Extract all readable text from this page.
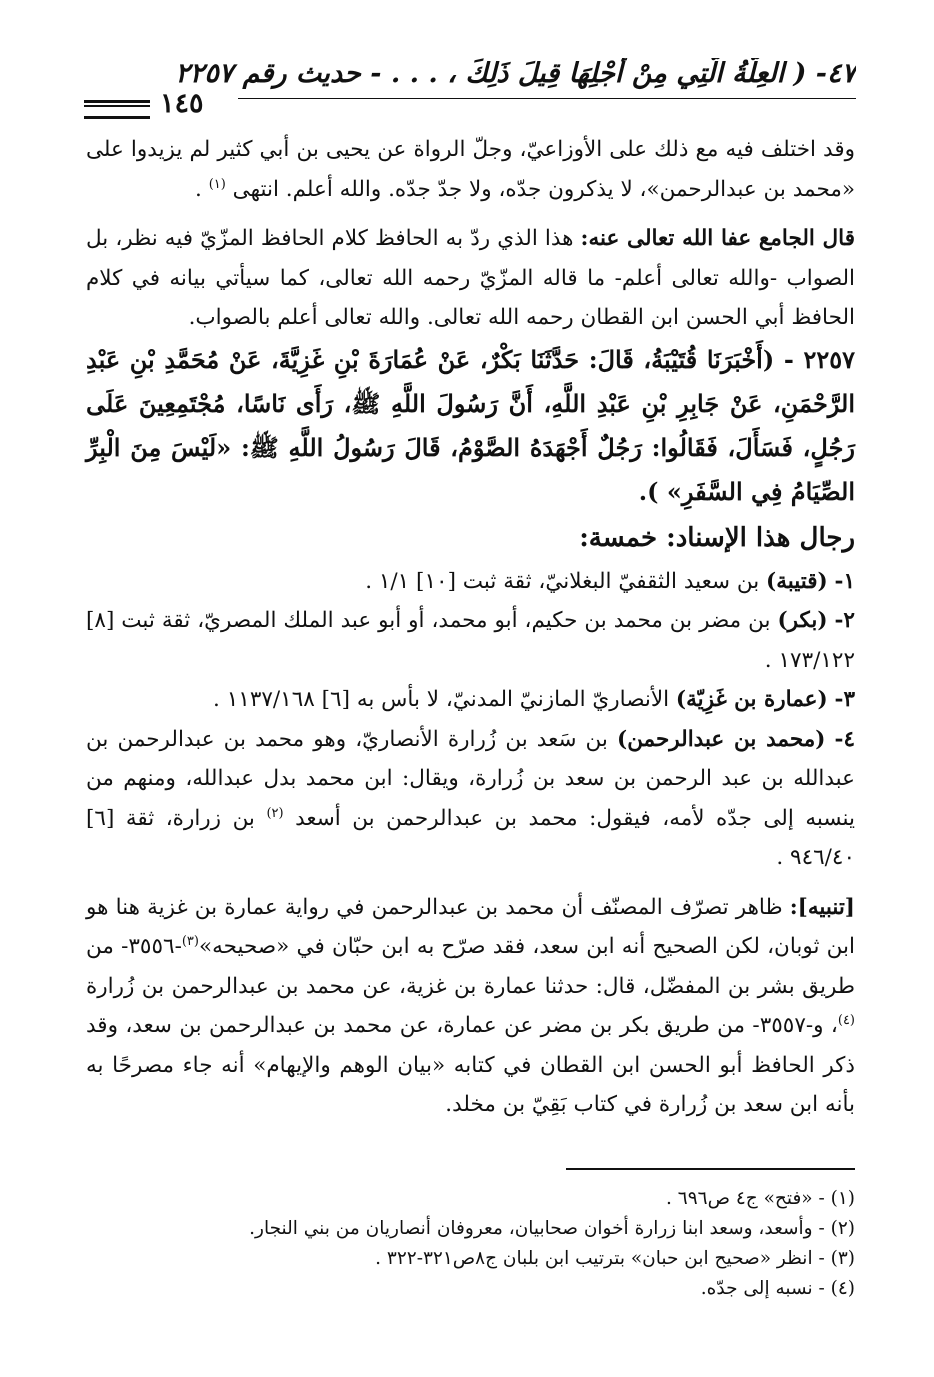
٤٧- ( العِلَّةُ الَّتِي مِنْ أَجْلِهَا قِيلَ ذَلِكَ ، . . . - حديث رقم ٢٢٥٧
١٤٥

وقد اختلف فيه مع ذلك على الأوزاعيّ، وجلّ الرواة عن يحيى بن أبي كثير لم يزيدوا على «محمد بن عبدالرحمن»، لا يذكرون جدّه، ولا جدّ جدّه. والله أعلم. انتهى $^{(١)}$ .

قال الجامع عفا الله تعالى عنه: هذا الذي ردّ به الحافظ كلام الحافظ المزّيّ فيه نظر، بل الصواب -والله تعالى أعلم- ما قاله المزّيّ رحمه الله تعالى، كما سيأتي بيانه في كلام الحافظ أبي الحسن ابن القطان رحمه الله تعالى. والله تعالى أعلم بالصواب.

٢٢٥٧ - (أَخْبَرَنَا قُتَيْبَةُ، قَالَ: حَدَّثَنَا بَكْرٌ، عَنْ عُمَارَةَ بْنِ غَزِيَّةَ، عَنْ مُحَمَّدِ بْنِ عَبْدِ الرَّحْمَنِ، عَنْ جَابِرِ بْنِ عَبْدِ اللَّهِ، أَنَّ رَسُولَ اللَّهِ ﷺ، رَأَى نَاسًا، مُجْتَمِعِينَ عَلَى رَجُلٍ، فَسَأَلَ، فَقَالُوا: رَجُلٌ أَجْهَدَهُ الصَّوْمُ، قَالَ رَسُولُ اللَّهِ ﷺ: «لَيْسَ مِنَ الْبِرِّ الصِّيَامُ فِي السَّفَرِ» ).

رجال هذا الإسناد: خمسة:

١- (قتيبة) بن سعيد الثقفيّ البغلانيّ، ثقة ثبت [١٠] ١/١ .

٢- (بكر) بن مضر بن محمد بن حكيم، أبو محمد، أو أبو عبد الملك المصريّ، ثقة ثبت [٨] ١٧٣/١٢٢ .

٣- (عمارة بن غَزِيّة) الأنصاريّ المازنيّ المدنيّ، لا بأس به [٦] ١١٣٧/١٦٨ .

٤- (محمد بن عبدالرحمن) بن سَعد بن زُرارة الأنصاريّ، وهو محمد بن عبدالرحمن بن عبدالله بن عبد الرحمن بن سعد بن زُرارة، ويقال: ابن محمد بدل عبدالله، ومنهم من ينسبه إلى جدّه لأمه، فيقول: محمد بن عبدالرحمن بن أسعد $^{(٢)}$ بن زرارة، ثقة [٦] ٩٤٦/٤٠ .

[تنبيه]: ظاهر تصرّف المصنّف أن محمد بن عبدالرحمن في رواية عمارة بن غزية هنا هو ابن ثوبان، لكن الصحيح أنه ابن سعد، فقد صرّح به ابن حبّان في «صحيحه»$^{(٣)}$-٣٥٥٦- من طريق بشر بن المفضّل، قال: حدثنا عمارة بن غزية، عن محمد بن عبدالرحمن بن زُرارة $^{(٤)}$، و-٣٥٥٧- من طريق بكر بن مضر عن عمارة، عن محمد بن عبدالرحمن بن سعد، وقد ذكر الحافظ أبو الحسن ابن القطان في كتابه «بيان الوهم والإيهام» أنه جاء مصرحًا به بأنه ابن سعد بن زُرارة في كتاب بَقِيّ بن مخلد.

(١) - «فتح» ج٤ ص٦٩٦ .

(٢) - وأسعد، وسعد ابنا زرارة أخوان صحابيان، معروفان أنصاريان من بني النجار.

(٣) - انظر «صحيح ابن حبان» بترتيب ابن بلبان ج٨ص٣٢١-٣٢٢ .

(٤) - نسبه إلى جدّه.
